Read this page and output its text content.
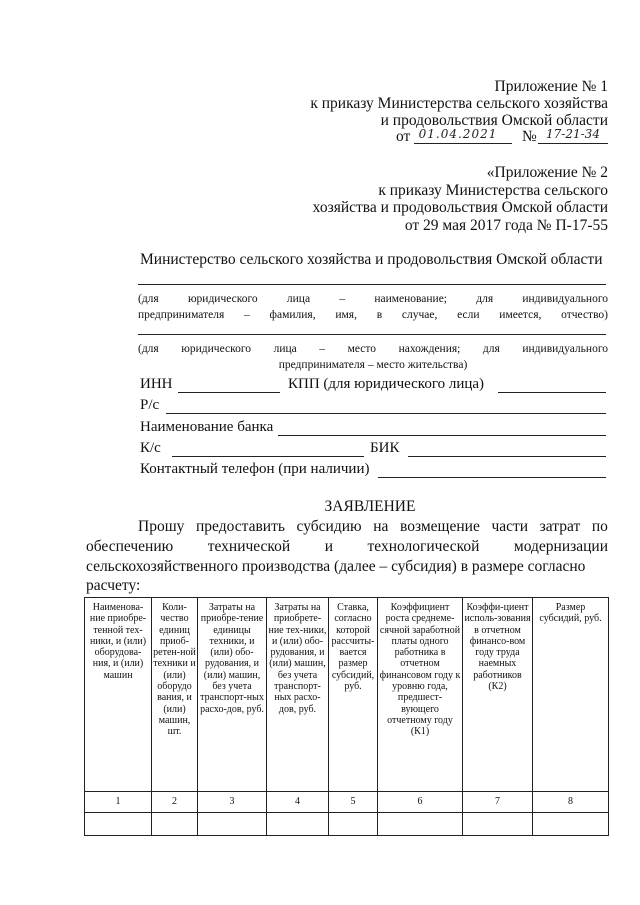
Приложение № 1
к приказу Министерства сельского хозяйства
и продовольствия Омской области
от 01.04.2021 № 17-21-34
«Приложение № 2
к приказу Министерства сельского
хозяйства и продовольствия Омской области
от 29 мая 2017 года № П-17-55
Министерство сельского хозяйства и продовольствия Омской области
(для юридического лица – наименование; для индивидуального
предпринимателя – фамилия, имя, в случае, если имеется, отчество)
(для юридического лица – место нахождения; для индивидуального
предпринимателя – место жительства)
ИНН	КПП (для юридического лица)
Р/с
Наименование банка
К/с	БИК
Контактный телефон (при наличии)
ЗАЯВЛЕНИЕ
Прошу предоставить субсидию на возмещение части затрат по
обеспечению технической и технологической модернизации
сельскохозяйственного производства (далее – субсидия) в размере согласно
расчету:
Наименова-ние приобре-тенной тех-ники, и (или) оборудова-ния, и (или) машин	Коли-чество единиц приоб-ретен-ной техники и (или) оборудо вания, и (или) машин, шт.	Затраты на приобре-тение единицы техники, и (или) обо-рудования, и (или) машин, без учета транспорт-ных расхо-дов, руб.	Затраты на приобрете-ние тех-ники, и (или) обо-рудования, и (или) машин, без учета транспорт-ных расхо-дов, руб.	Ставка, согласно которой рассчиты-вается размер субсидий, руб.	Коэффициент роста среднеме-сячной заработной платы одного работника в отчетном финансовом году к уровню года, предшест-вующего отчетному году (К1)	Коэффи-циент исполь-зования в отчетном финансо-вом году труда наемных работников (К2)	Размер субсидий, руб.
1	2	3	4	5	6	7	8
